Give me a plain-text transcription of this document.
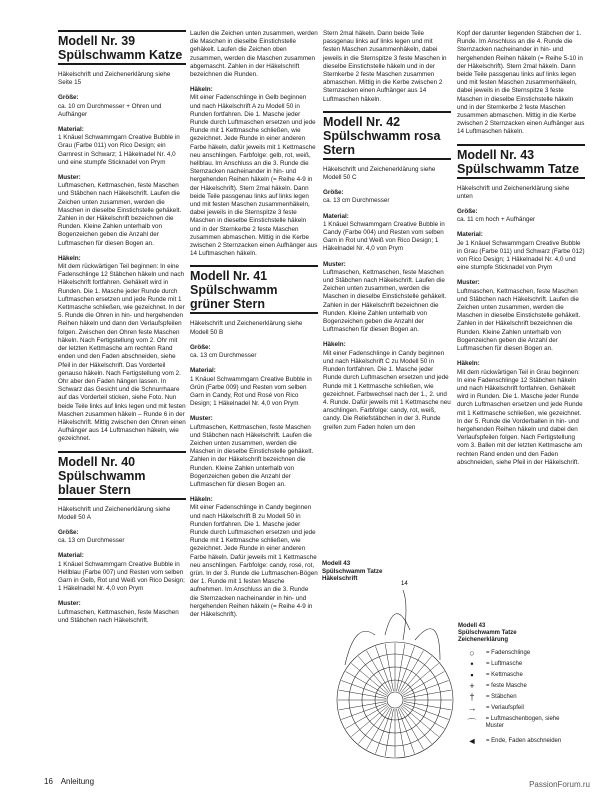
Modell Nr. 39
Spülschwamm Katze

Häkelschrift und Zeichenerklärung siehe Seite 15

Größe:

ca. 10 cm Durchmesser + Ohren und Aufhänger

Material:

1 Knäuel Schwammgarn Creative Bubble in Grau (Farbe 011) von Rico Design; ein Garnrest in Schwarz; 1 Häkelnadel Nr. 4,0 und eine stumpfe Sticknadel von Prym

Muster:

Luftmaschen, Kettmaschen, feste Maschen und Stäbchen nach Häkelschrift. Laufen die Zeichen unten zusammen, werden die Maschen in dieselbe Einstichstelle gehäkelt. Zahlen in der Häkelschrift bezeichnen die Runden. Kleine Zahlen unterhalb von Bogenzeichen geben die Anzahl der Luftmaschen für diesen Bogen an.

Häkeln:

Mit dem rückwärtigen Teil beginnen: In eine Fadenschlinge 12 Stäbchen häkeln und nach Häkelschrift fortfahren. Gehäkelt wird in Runden. Die 1. Masche jeder Runde durch Luftmaschen ersetzen und jede Runde mit 1 Kettmasche schließen, wie gezeichnet. In der 5. Runde die Ohren in hin- und hergehenden Reihen häkeln und dann den Verlaufspfeilen folgen. Zwischen den Ohren feste Maschen häkeln. Nach Fertigstellung vom 2. Ohr mit der letzten Kettmasche am rechten Rand enden und den Faden abschneiden, siehe Pfeil in der Häkelschrift. Das Vorderteil genauso häkeln. Nach Fertigstellung vom 2. Ohr aber den Faden hängen lassen. In Schwarz das Gesicht und die Schnurrhaare auf das Vorderteil sticken, siehe Foto. Nun beide Teile links auf links legen und mit festen Maschen zusammen häkeln – Runde 6 in der Häkelschrift. Mittig zwischen den Ohren einen Aufhänger aus 14 Luftmaschen häkeln, wie gezeichnet.

Modell Nr. 40
Spülschwamm blauer Stern

Häkelschrift und Zeichenerklärung siehe Modell 50 A

Größe:

ca. 13 cm Durchmesser

Material:

1 Knäuel Schwammgarn Creative Bubble in Hellblau (Farbe 007) und Resten vom selben Garn in Gelb, Rot und Weiß von Rico Design; 1 Häkelnadel Nr. 4,0 von Prym

Muster:

Luftmaschen, Kettmaschen, feste Maschen und Stäbchen nach Häkelschrift.

Laufen die Zeichen unten zusammen, werden die Maschen in dieselbe Einstichstelle gehäkelt. Laufen die Zeichen oben zusammen, werden die Maschen zusammen abgemascht. Zahlen in der Häkelschrift bezeichnen die Runden.

Häkeln:

Mit einer Fadenschlinge in Gelb beginnen und nach Häkelschrift A zu Modell 50 in Runden fortfahren. Die 1. Masche jeder Runde durch Luftmaschen ersetzen und jede Runde mit 1 Kettmasche schließen, wie gezeichnet. Jede Runde in einer anderen Farbe häkeln, dafür jeweils mit 1 Kettmasche neu anschlingen. Farbfolge: gelb, rot, weiß, hellblau. Im Anschluss an die 3. Runde die Sternzacken nacheinander in hin- und hergehenden Reihen häkeln (= Reihe 4-9 in der Häkelschrift). Stern 2mal häkeln. Dann beide Teile passgenau links auf links legen und mit festen Maschen zusammenhäkeln, dabei jeweils in die Sternspitze 3 feste Maschen in dieselbe Einstichstelle häkeln und in der Sternkerbe 2 feste Maschen zusammen abmaschen. Mittig in die Kerbe zwischen 2 Sternzacken einen Aufhänger aus 14 Luftmaschen häkeln.

Modell Nr. 41
Spülschwamm grüner Stern

Häkelschrift und Zeichenerklärung siehe Modell 50 B

Größe:

ca. 13 cm Durchmesser

Material:

1 Knäuel Schwammgarn Creative Bubble in Grün (Farbe 009) und Resten vom selben Garn in Candy, Rot und Rosé von Rico Design; 1 Häkelnadel Nr. 4,0 von Prym

Muster:

Luftmaschen, Kettmaschen, feste Maschen und Stäbchen nach Häkelschrift. Laufen die Zeichen unten zusammen, werden die Maschen in dieselbe Einstichstelle gehäkelt. Zahlen in der Häkelschrift bezeichnen die Runden. Kleine Zahlen unterhalb von Bogenzeichen geben die Anzahl der Luftmaschen für diesen Bogen an.

Häkeln:

Mit einer Fadenschlinge in Candy beginnen und nach Häkelschrift B zu Modell 50 in Runden fortfahren. Die 1. Masche jeder Runde durch Luftmaschen ersetzen und jede Runde mit 1 Kettmasche schließen, wie gezeichnet. Jede Runde in einer anderen Farbe häkeln. Dafür jeweils mit 1 Kettmasche neu anschlingen. Farbfolge: candy, rosé, rot, grün. In der 3. Runde die Luftmaschen-Bögen der 1. Runde mit 1 festen Masche aufnehmen. Im Anschluss an die 3. Runde die Sternzacken nacheinander in hin- und hergehenden Reihen häkeln (= Reihe 4-9 in der Häkelschrift).

Stern 2mal häkeln. Dann beide Teile passgenau links auf links legen und mit festen Maschen zusammenhäkeln, dabei jeweils in die Sternspitze 3 feste Maschen in dieselbe Einstichstelle häkeln und in der Sternkerbe 2 feste Maschen zusammen abmaschen. Mittig in die Kerbe zwischen 2 Sternzacken einen Aufhänger aus 14 Luftmaschen häkeln.

Modell Nr. 42
Spülschwamm rosa Stern

Häkelschrift und Zeichenerklärung siehe Modell 50 C

Größe:

ca. 13 cm Durchmesser

Material:

1 Knäuel Schwammgarn Creative Bubble in Candy (Farbe 004) und Resten vom selben Garn in Rot und Weiß von Rico Design; 1 Häkelnadel Nr. 4,0 von Prym

Muster:

Luftmaschen, Kettmaschen, feste Maschen und Stäbchen nach Häkelschrift. Laufen die Zeichen unten zusammen, werden die Maschen in dieselbe Einstichstelle gehäkelt. Zahlen in der Häkelschrift bezeichnen die Runden. Kleine Zahlen unterhalb von Bogenzeichen geben die Anzahl der Luftmaschen für diesen Bogen an.

Häkeln:

Mit einer Fadenschlinge in Candy beginnen und nach Häkelschrift C zu Modell 50 in Runden fortfahren. Die 1. Masche jeder Runde durch Luftmaschen ersetzen und jede Runde mit 1 Kettmasche schließen, wie gezeichnet. Farbwechsel nach der 1., 2. und 4. Runde. Dafür jeweils mit 1 Kettmasche neu anschlingen. Farbfolge: candy, rot, weiß, candy. Die Reliefstäbchen in der 3. Runde greifen zum Faden holen um den

Kopf der darunter liegenden Stäbchen der 1. Runde. Im Anschluss an die 4. Runde die Sternzacken nacheinander in hin- und hergehenden Reihen häkeln (= Reihe 5-10 in der Häkelschrift). Stern 2mal häkeln. Dann beide Teile passgenau links auf links legen und mit festen Maschen zusammenhäkeln, dabei jeweils in die Sternspitze 3 feste Maschen in dieselbe Einstichstelle häkeln und in der Sternkerbe 2 feste Maschen zusammen abmaschen. Mittig in die Kerbe zwischen 2 Sternzacken einen Aufhänger aus 14 Luftmaschen häkeln.

Modell Nr. 43
Spülschwamm Tatze

Häkelschrift und Zeichenerklärung siehe unten

Größe:

ca. 11 cm hoch + Aufhänger

Material:

Je 1 Knäuel Schwammgarn Creative Bubble in Grau (Farbe 011) und Schwarz (Farbe 012) von Rico Design; 1 Häkelnadel Nr. 4,0 und eine stumpfe Sticknadel von Prym

Muster:

Luftmaschen, Kettmaschen, feste Maschen und Stäbchen nach Häkelschrift. Laufen die Zeichen unten zusammen, werden die Maschen in dieselbe Einstichstelle gehäkelt. Zahlen in der Häkelschrift bezeichnen die Runden. Kleine Zahlen unterhalb von Bogenzeichen geben die Anzahl der Luftmaschen für diesen Bogen an.

Häkeln:

Mit dem rückwärtigen Teil in Grau beginnen: In eine Fadenschlinge 12 Stäbchen häkeln und nach Häkelschrift fortfahren. Gehäkelt wird in Runden. Die 1. Masche jeder Runde durch Luftmaschen ersetzen und jede Runde mit 1 Kettmasche schließen, wie gezeichnet. In der 5. Runde die Vorderballen in hin- und hergehenden Reihen häkeln und dabei den Verlaufspfeilen folgen. Nach Fertigstellung vom 3. Ballen mit der letzten Kettmasche am rechten Rand enden und den Faden abschneiden, siehe Pfeil in der Häkelschrift.

Modell 43
Spülschwamm Tatze
Häkelschrift
14
Modell 43
Spülschwamm Tatze
Zeichenerklärung
○	= Fadenschlinge
•	= Luftmasche
▪	= Kettmasche
+	= feste Masche
†	= Stäbchen
→	= Verlaufspfeil
⌒	= Luftmaschenbogen, siehe Muster
◄	= Ende, Faden abschneiden
16 Anleitung	PassionForum.ru
